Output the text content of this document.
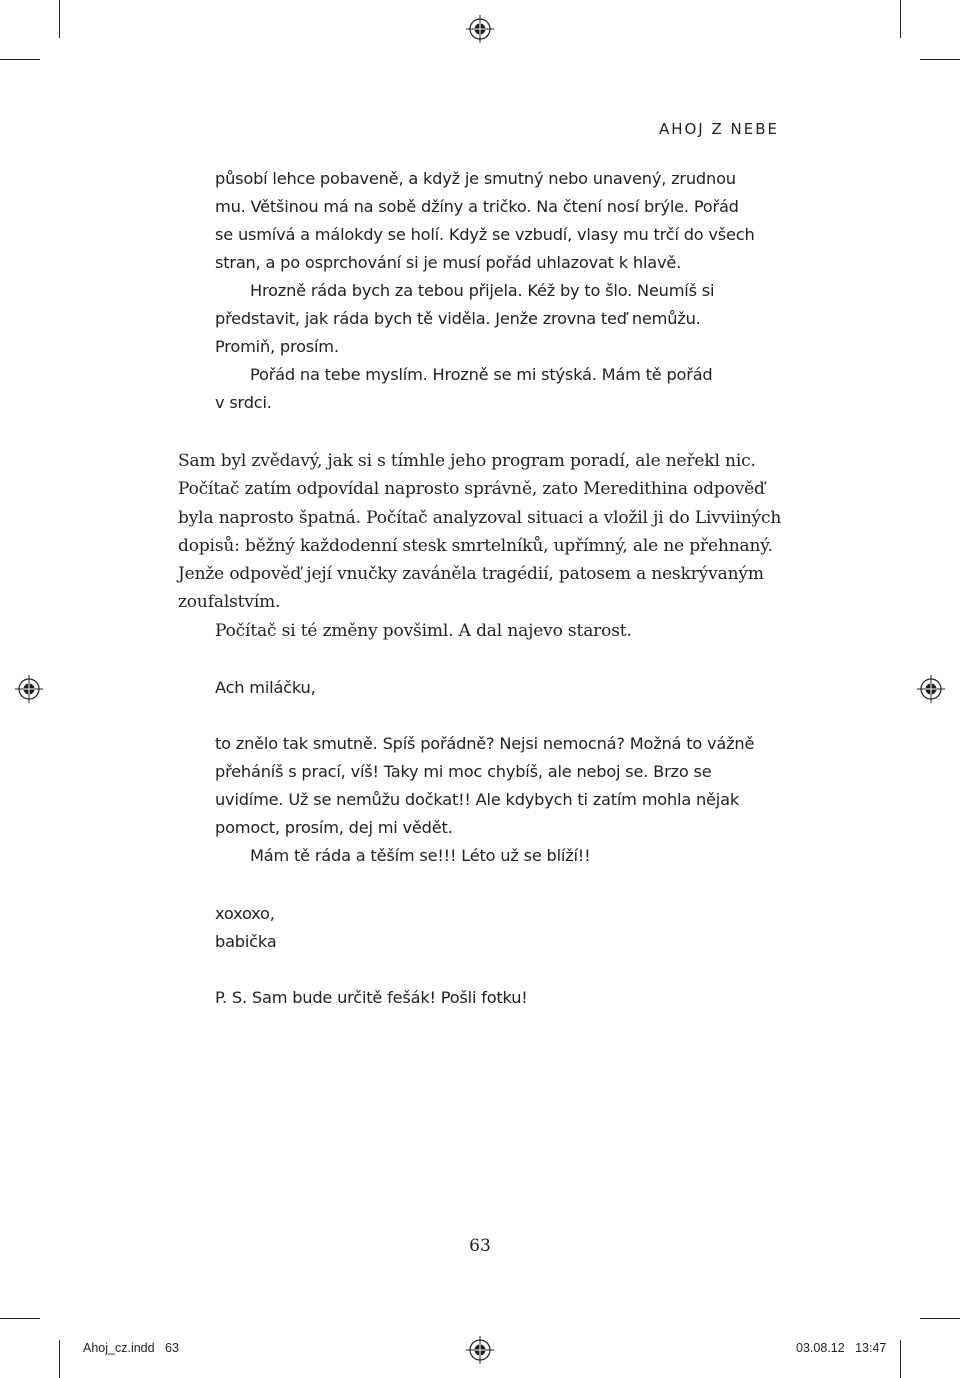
AHOJ Z NEBE

působí lehce pobaveně, a když je smutný nebo unavený, zrudnou
mu. Většinou má na sobě džíny a tričko. Na čtení nosí brýle. Pořád
se usmívá a málokdy se holí. Když se vzbudí, vlasy mu trčí do všech
stran, a po osprchování si je musí pořád uhlazovat k hlavě.

Hrozně ráda bych za tebou přijela. Kéž by to šlo. Neumíš si
představit, jak ráda bych tě viděla. Jenže zrovna teď nemůžu.
Promiň, prosím.

Pořád na tebe myslím. Hrozně se mi stýská. Mám tě pořád
v srdci.

Sam byl zvědavý, jak si s tímhle jeho program poradí, ale neřekl nic.
Počítač zatím odpovídal naprosto správně, zato Meredithina odpověď
byla naprosto špatná. Počítač analyzoval situaci a vložil ji do Livviiných
dopisů: běžný každodenní stesk smrtelníků, upřímný, ale ne přehnaný.
Jenže odpověď její vnučky zaváněla tragédií, patosem a neskrývaným
zoufalstvím.

Počítač si té změny povšiml. A dal najevo starost.

Ach miláčku,

to znělo tak smutně. Spíš pořádně? Nejsi nemocná? Možná to vážně
přeháníš s prací, víš! Taky mi moc chybíš, ale neboj se. Brzo se
uvidíme. Už se nemůžu dočkat!! Ale kdybych ti zatím mohla nějak
pomoct, prosím, dej mi vědět.

Mám tě ráda a těším se!!! Léto už se blíží!!

xoxoxo,
babička
P. S. Sam bude určitě fešák! Pošli fotku!
63
Ahoj_cz.indd   63	03.08.12   13:47
